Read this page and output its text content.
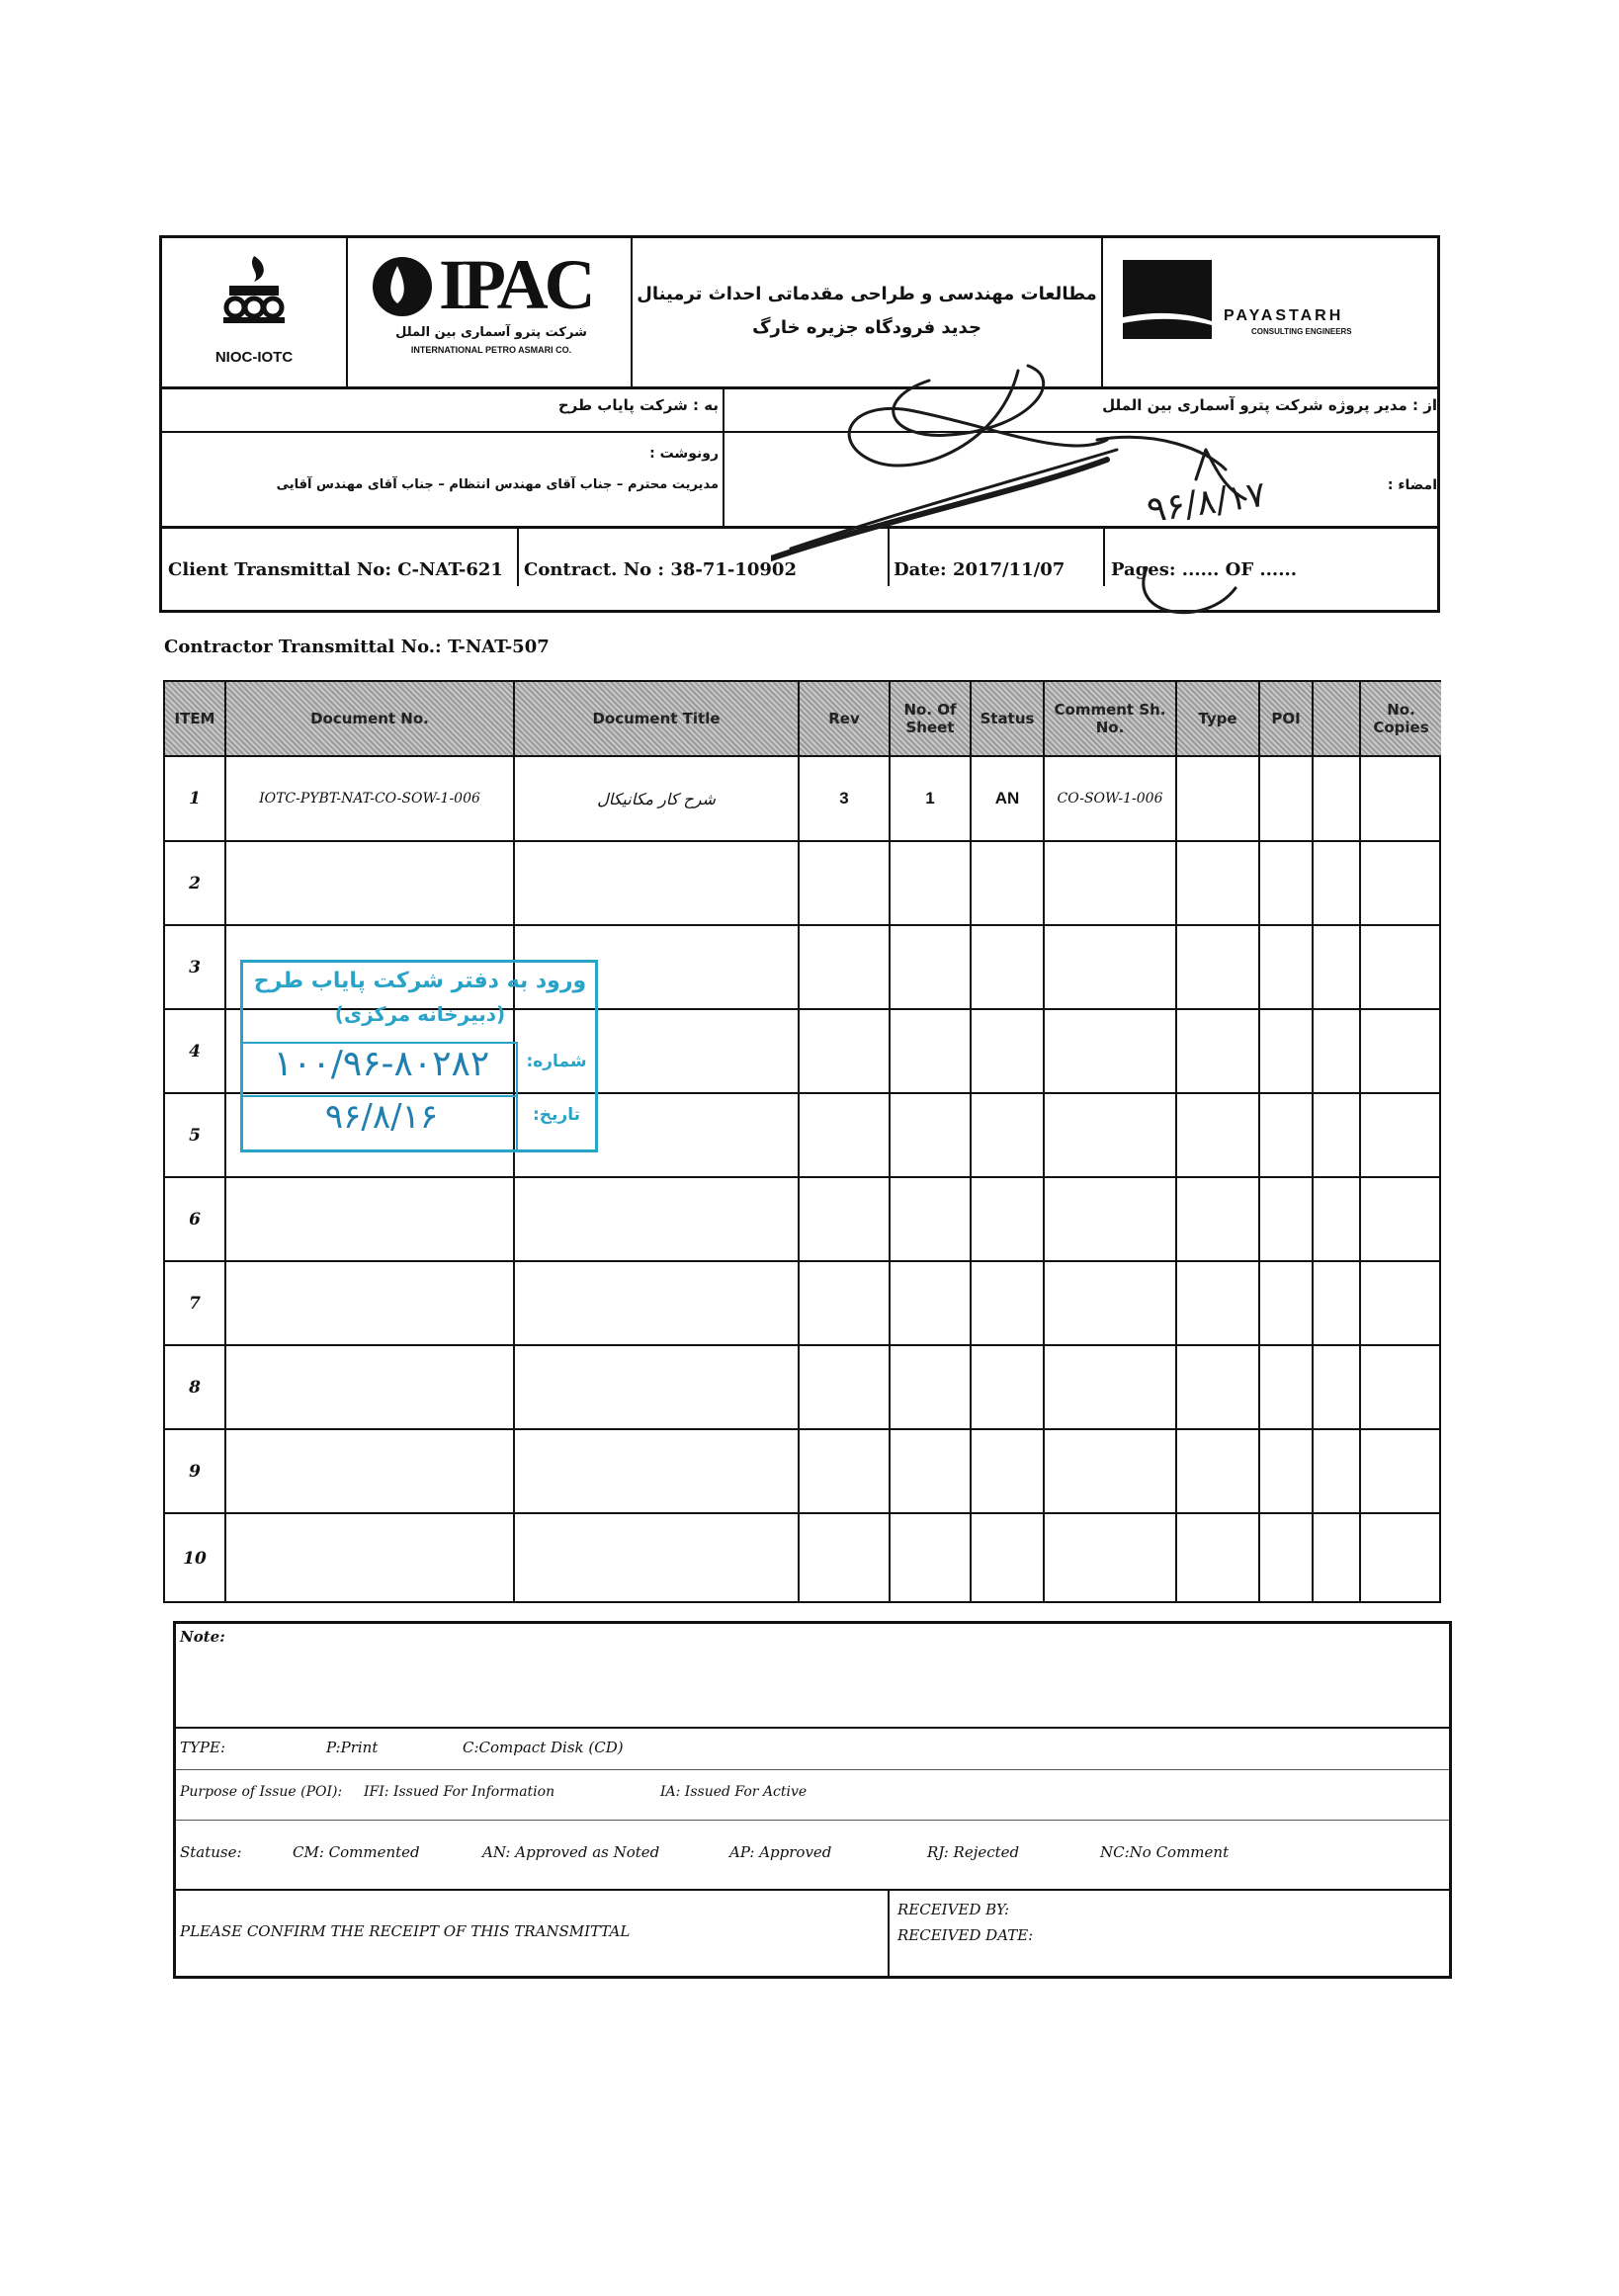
NIOC-IOTC
IPAC
شرکت پترو آسماری بین الملل
INTERNATIONAL PETRO ASMARI CO.
مطالعات مهندسی و طراحی مقدماتی احداث ترمینال
جدید فرودگاه جزیره خارگ
PAYASTARH
CONSULTING ENGINEERS
به : شرکت پایاب طرح	از : مدیر پروژه شرکت پترو آسماری بین الملل
رونوشت :
مدیریت محترم – جناب آقای مهندس انتظام – جناب آقای مهندس آقایی	امضاء :
Client Transmittal No: C-NAT-621 Contract. No : 38-71-10902	Date: 2017/11/07	Pages: ...... OF ......
Contractor Transmittal No.: T-NAT-507
ITEM	Document No.	Document Title	Rev	No. Of Sheet	Status	Comment Sh. No.	Type	POI	No. Copies
1	IOTC-PYBT-NAT-CO-SOW-1-006	شرح کار مکانیکال	3	1	AN	CO-SOW-1-006
2
3
4
5
6
7
8
9
10
ورود به دفتر شرکت پایاب طرح
(دبیرخانه مرکزی)
شماره:
تاریخ:
۱۰۰/۹۶-۸۰۲۸۲
۹۶/۸/۱۶
۹۶/۸/۱۷
Note:
TYPE:	P:Print	C:Compact Disk (CD)
Purpose of Issue (POI): IFI: Issued For Information	IA: Issued For Active
Statuse:	CM: Commented	AN: Approved as Noted	AP: Approved	RJ: Rejected	NC:No Comment
PLEASE CONFIRM THE RECEIPT OF THIS TRANSMITTAL
RECEIVED BY:
RECEIVED DATE:
